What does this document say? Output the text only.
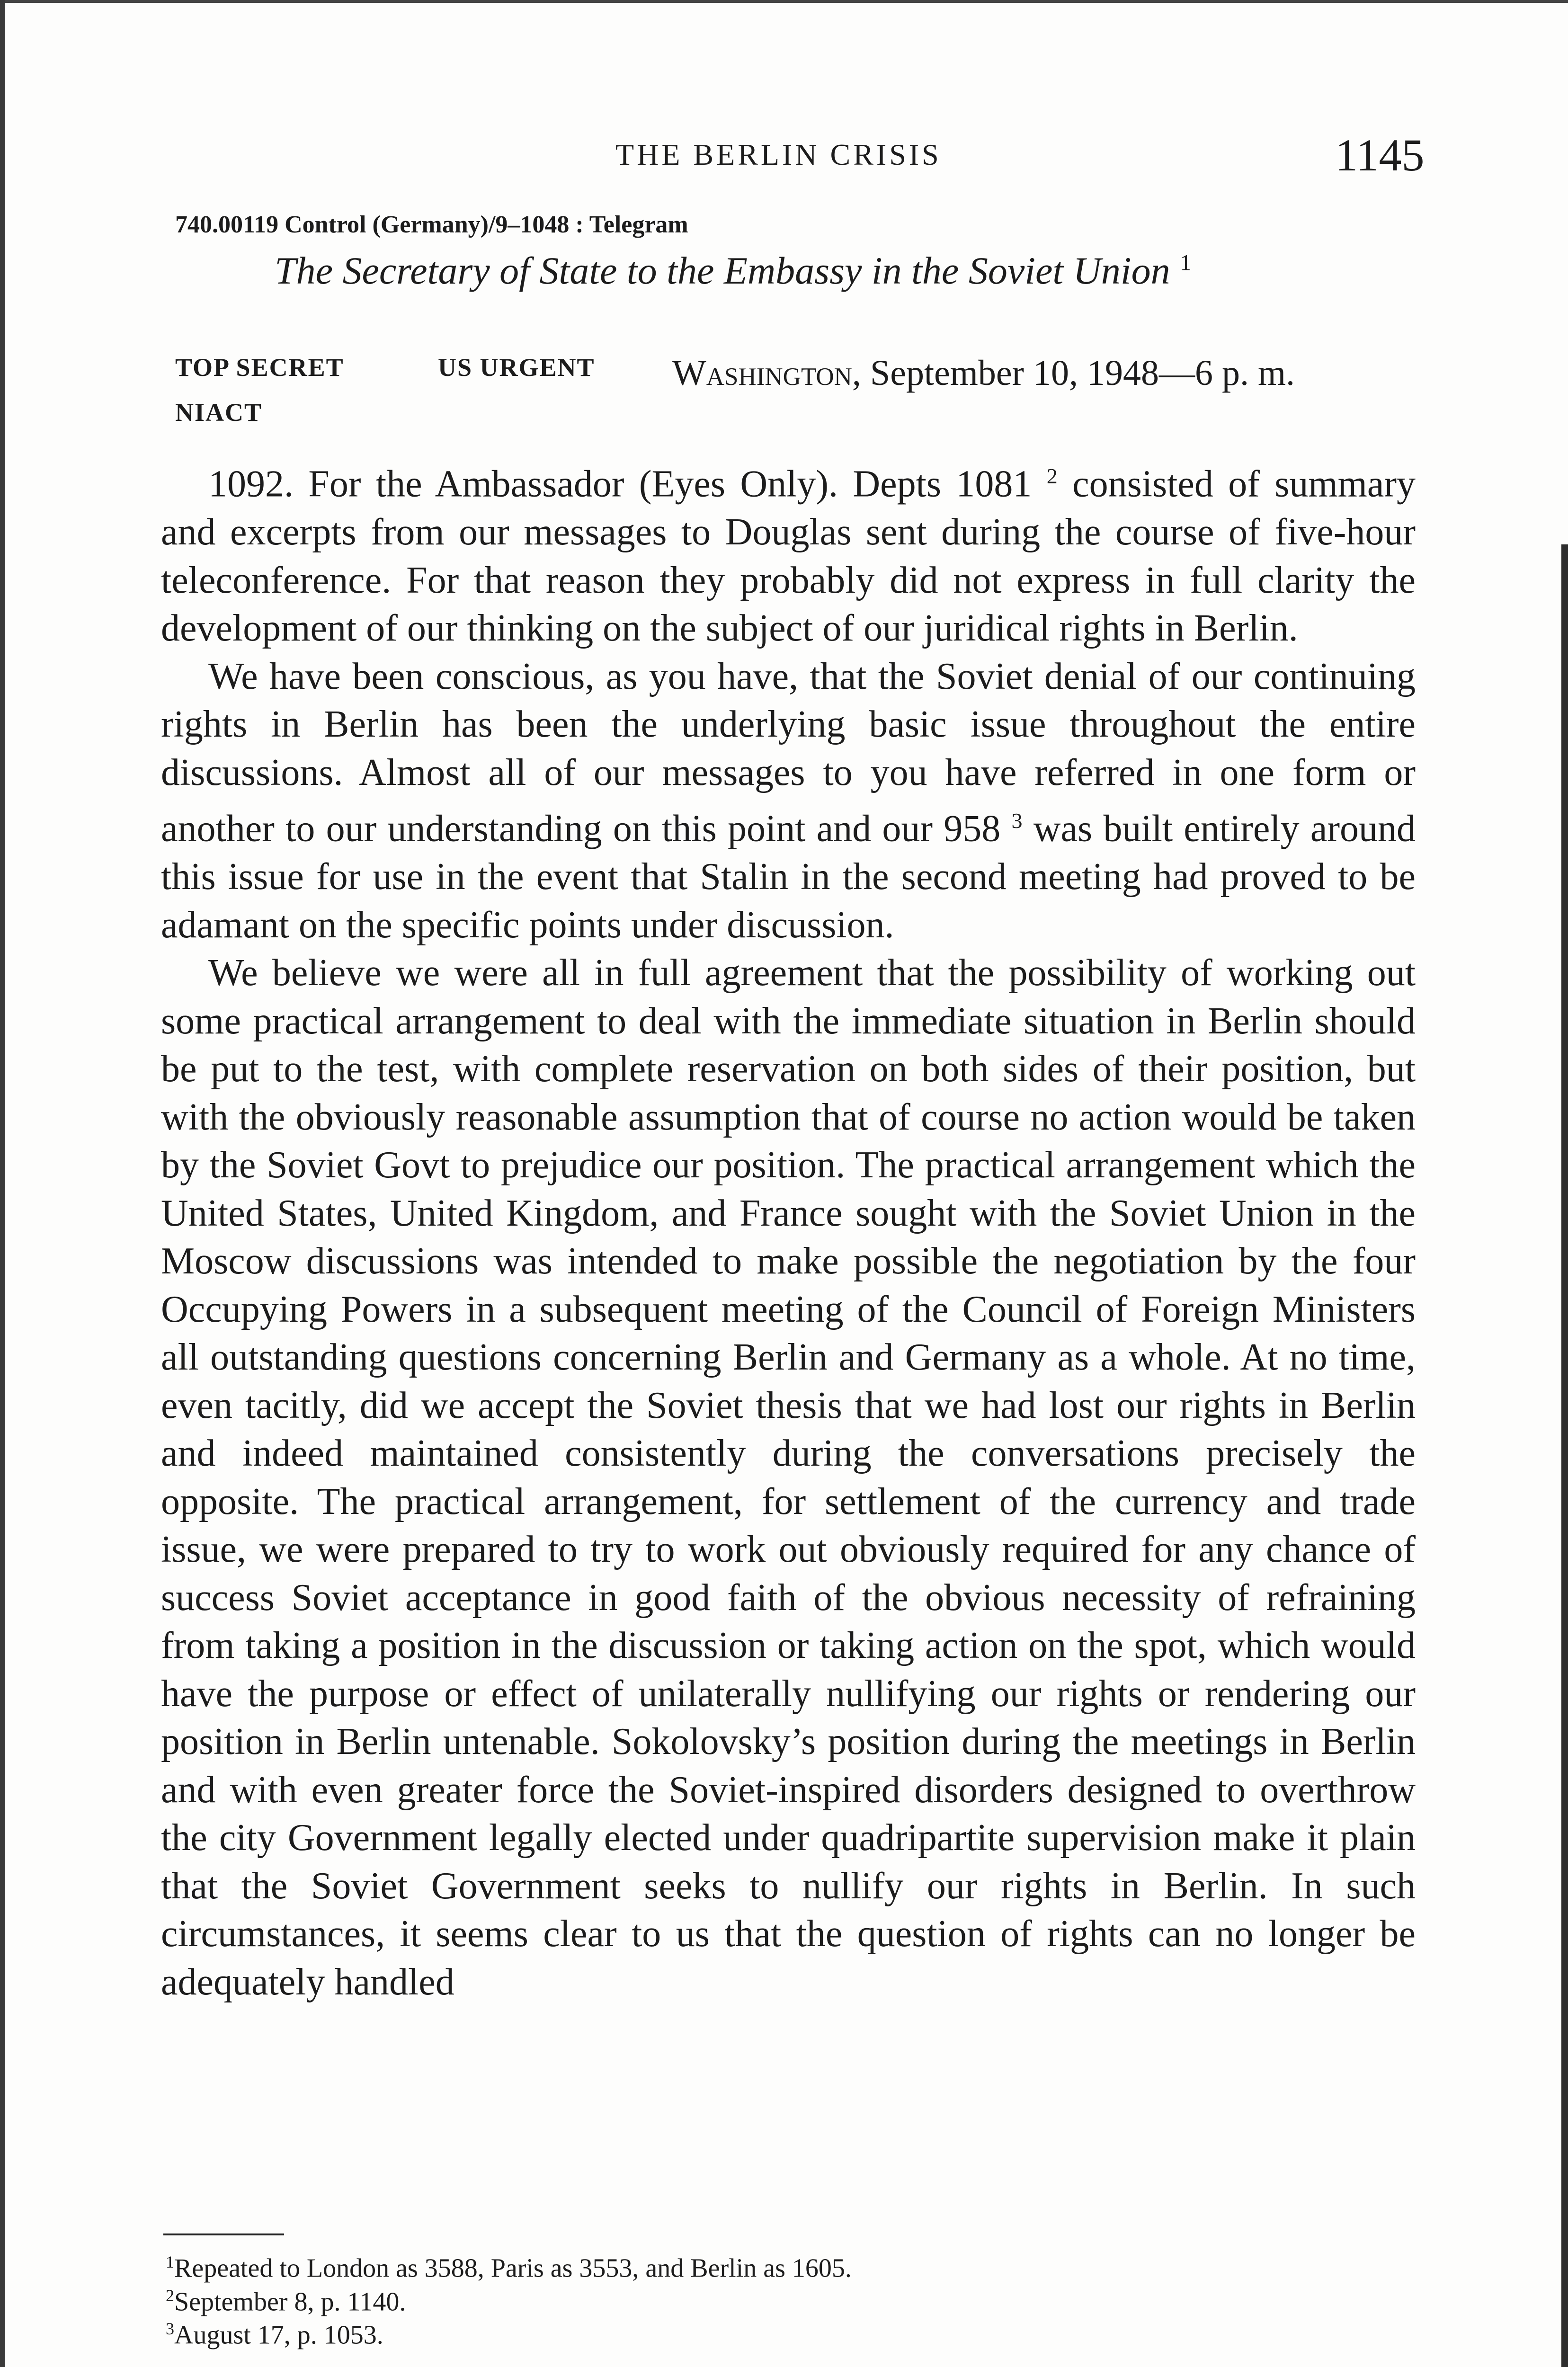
THE BERLIN CRISIS	1145
740.00119 Control (Germany)/9–1048 : Telegram
The Secretary of State to the Embassy in the Soviet Union $^1$
TOP SECRET	US URGENT
NIACT
Washington, September 10, 1948—6 p. m.

1092. For the Ambassador (Eyes Only). Depts 1081 $^2$ consisted of summary and excerpts from our messages to Douglas sent during the course of five-hour teleconference. For that reason they probably did not express in full clarity the development of our thinking on the subject of our juridical rights in Berlin.

We have been conscious, as you have, that the Soviet denial of our continuing rights in Berlin has been the underlying basic issue throughout the entire discussions. Almost all of our messages to you have referred in one form or another to our understanding on this point and our 958 $^3$ was built entirely around this issue for use in the event that Stalin in the second meeting had proved to be adamant on the specific points under discussion.

We believe we were all in full agreement that the possibility of working out some practical arrangement to deal with the immediate situation in Berlin should be put to the test, with complete reservation on both sides of their position, but with the obviously reasonable assumption that of course no action would be taken by the Soviet Govt to prejudice our position. The practical arrangement which the United States, United Kingdom, and France sought with the Soviet Union in the Moscow discussions was intended to make possible the negotiation by the four Occupying Powers in a subsequent meeting of the Council of Foreign Ministers all outstanding questions concerning Berlin and Germany as a whole. At no time, even tacitly, did we accept the Soviet thesis that we had lost our rights in Berlin and indeed maintained consistently during the conversations precisely the opposite. The practical arrangement, for settlement of the currency and trade issue, we were prepared to try to work out obviously required for any chance of success Soviet acceptance in good faith of the obvious necessity of refraining from taking a position in the discussion or taking action on the spot, which would have the purpose or effect of unilaterally nullifying our rights or rendering our position in Berlin untenable. Sokolovsky’s position during the meetings in Berlin and with even greater force the Soviet-inspired disorders designed to overthrow the city Government legally elected under quadripartite supervision make it plain that the Soviet Government seeks to nullify our rights in Berlin. In such circumstances, it seems clear to us that the question of rights can no longer be adequately handled

$^1$Repeated to London as 3588, Paris as 3553, and Berlin as 1605.
$^2$September 8, p. 1140.
$^3$August 17, p. 1053.
